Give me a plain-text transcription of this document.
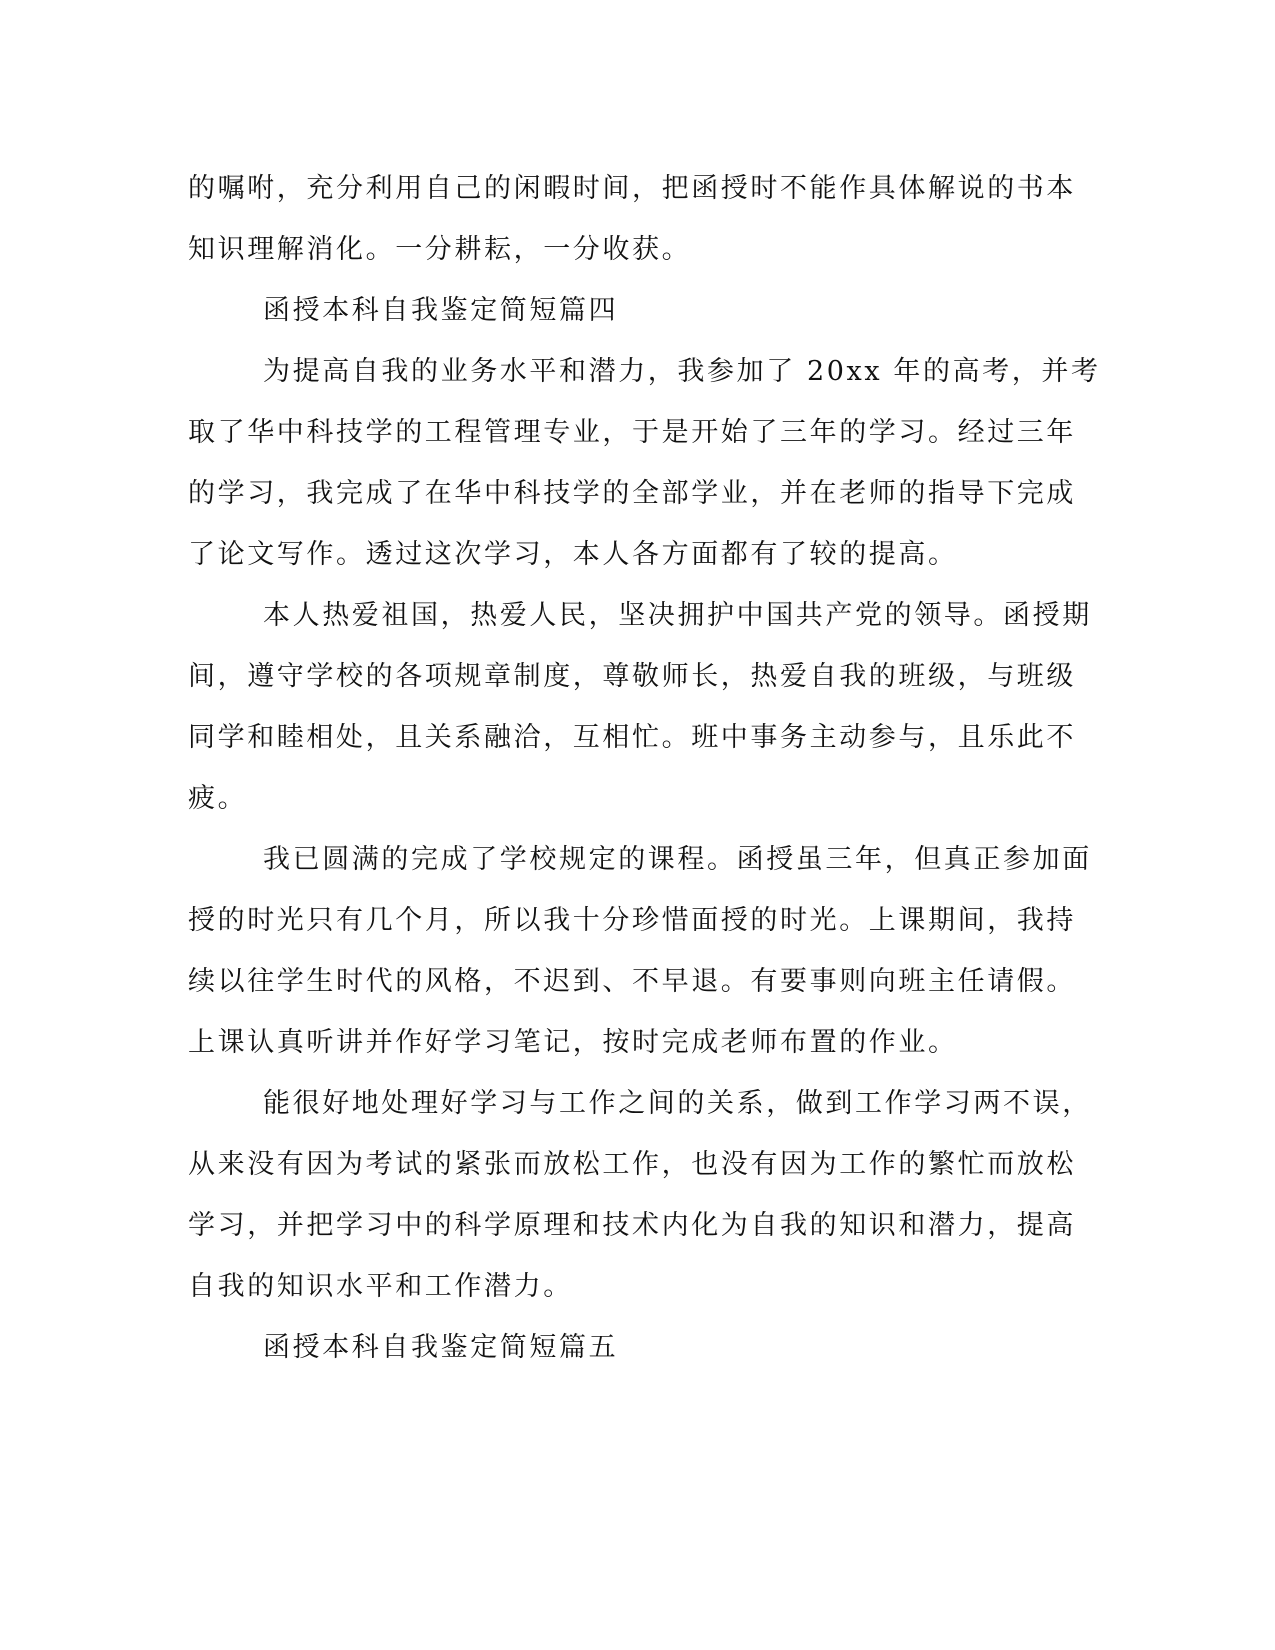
的嘱咐，充分利用自己的闲暇时间，把函授时不能作具体解说的书本
知识理解消化。一分耕耘，一分收获。
函授本科自我鉴定简短篇四
为提高自我的业务水平和潜力，我参加了 20xx 年的高考，并考
取了华中科技学的工程管理专业，于是开始了三年的学习。经过三年
的学习，我完成了在华中科技学的全部学业，并在老师的指导下完成
了论文写作。透过这次学习，本人各方面都有了较的提高。
本人热爱祖国，热爱人民，坚决拥护中国共产党的领导。函授期
间，遵守学校的各项规章制度，尊敬师长，热爱自我的班级，与班级
同学和睦相处，且关系融洽，互相忙。班中事务主动参与，且乐此不
疲。
我已圆满的完成了学校规定的课程。函授虽三年，但真正参加面
授的时光只有几个月，所以我十分珍惜面授的时光。上课期间，我持
续以往学生时代的风格，不迟到、不早退。有要事则向班主任请假。
上课认真听讲并作好学习笔记，按时完成老师布置的作业。
能很好地处理好学习与工作之间的关系，做到工作学习两不误，
从来没有因为考试的紧张而放松工作，也没有因为工作的繁忙而放松
学习，并把学习中的科学原理和技术内化为自我的知识和潜力，提高
自我的知识水平和工作潜力。
函授本科自我鉴定简短篇五
